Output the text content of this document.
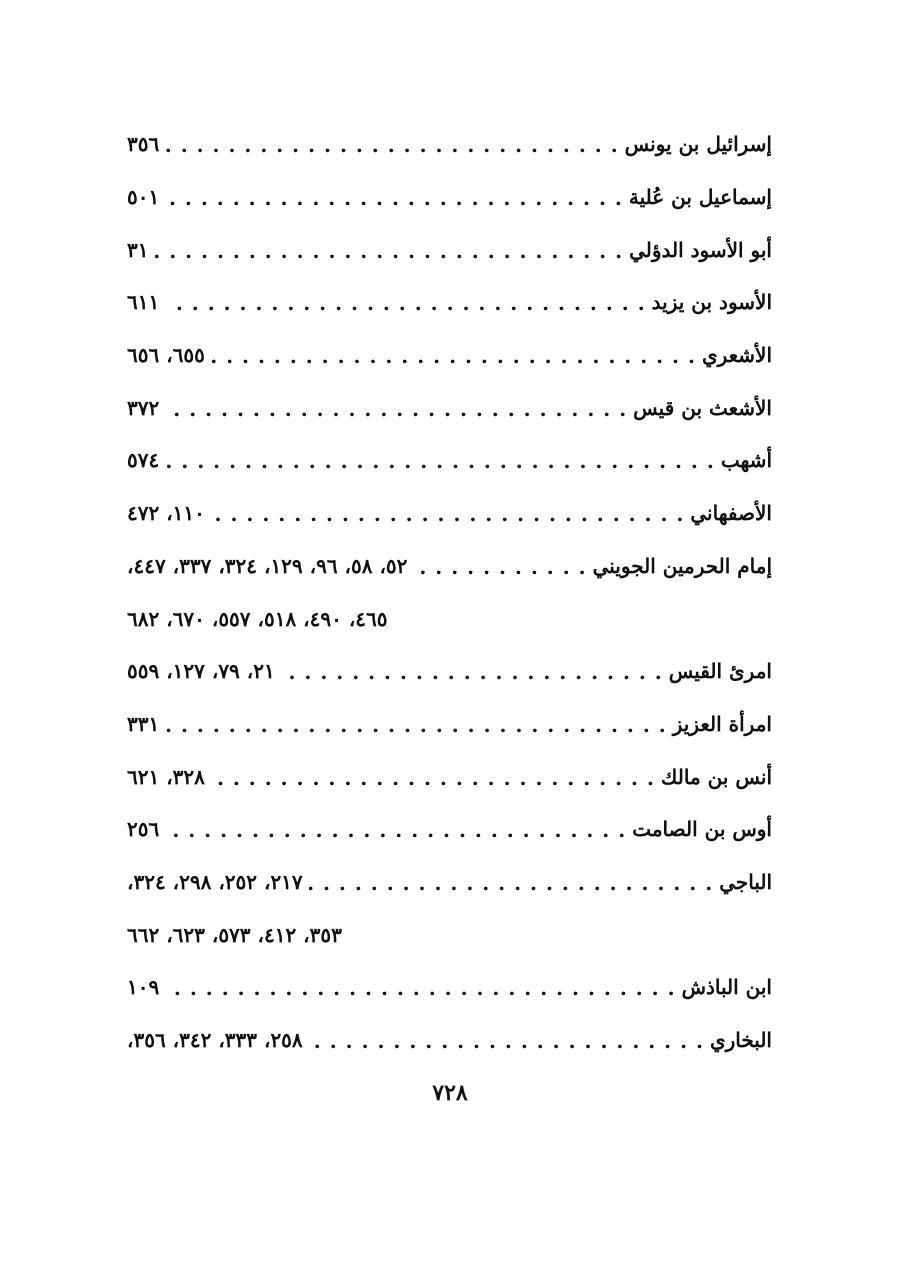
إسرائيل بن يونس
. . .
٣٥٦
إسماعيل بن عُلية
. . .
٥٠١
أبو الأسود الدؤلي
. . .
٣١
الأسود بن يزيد
. . .
٦١١
الأشعري
. . .
٦٥٥، ٦٥٦
الأشعث بن قيس
. . .
٣٧٢
أشهب
. . .
٥٧٤
الأصفهاني
. . .
١١٠، ٤٧٢
إمام الحرمين الجويني
. . .
٥٢، ٥٨، ٩٦، ١٢٩، ٣٢٤، ٣٣٧، ٤٤٧،
٤٦٥، ٤٩٠، ٥١٨، ٥٥٧، ٦٧٠، ٦٨٢
امرئ القيس
. . .
٢١، ٧٩، ١٢٧، ٥٥٩
امرأة العزيز
. . .
٣٣١
أنس بن مالك
. . .
٣٢٨، ٦٢١
أوس بن الصامت
. . .
٢٥٦
الباجي
. . .
٢١٧، ٢٥٢، ٢٩٨، ٣٢٤،
٣٥٣، ٤١٢، ٥٧٣، ٦٢٣، ٦٦٢
ابن الباذش
. . .
١٠٩
البخاري
. . .
٢٥٨، ٣٣٣، ٣٤٢، ٣٥٦،
٧٢٨
